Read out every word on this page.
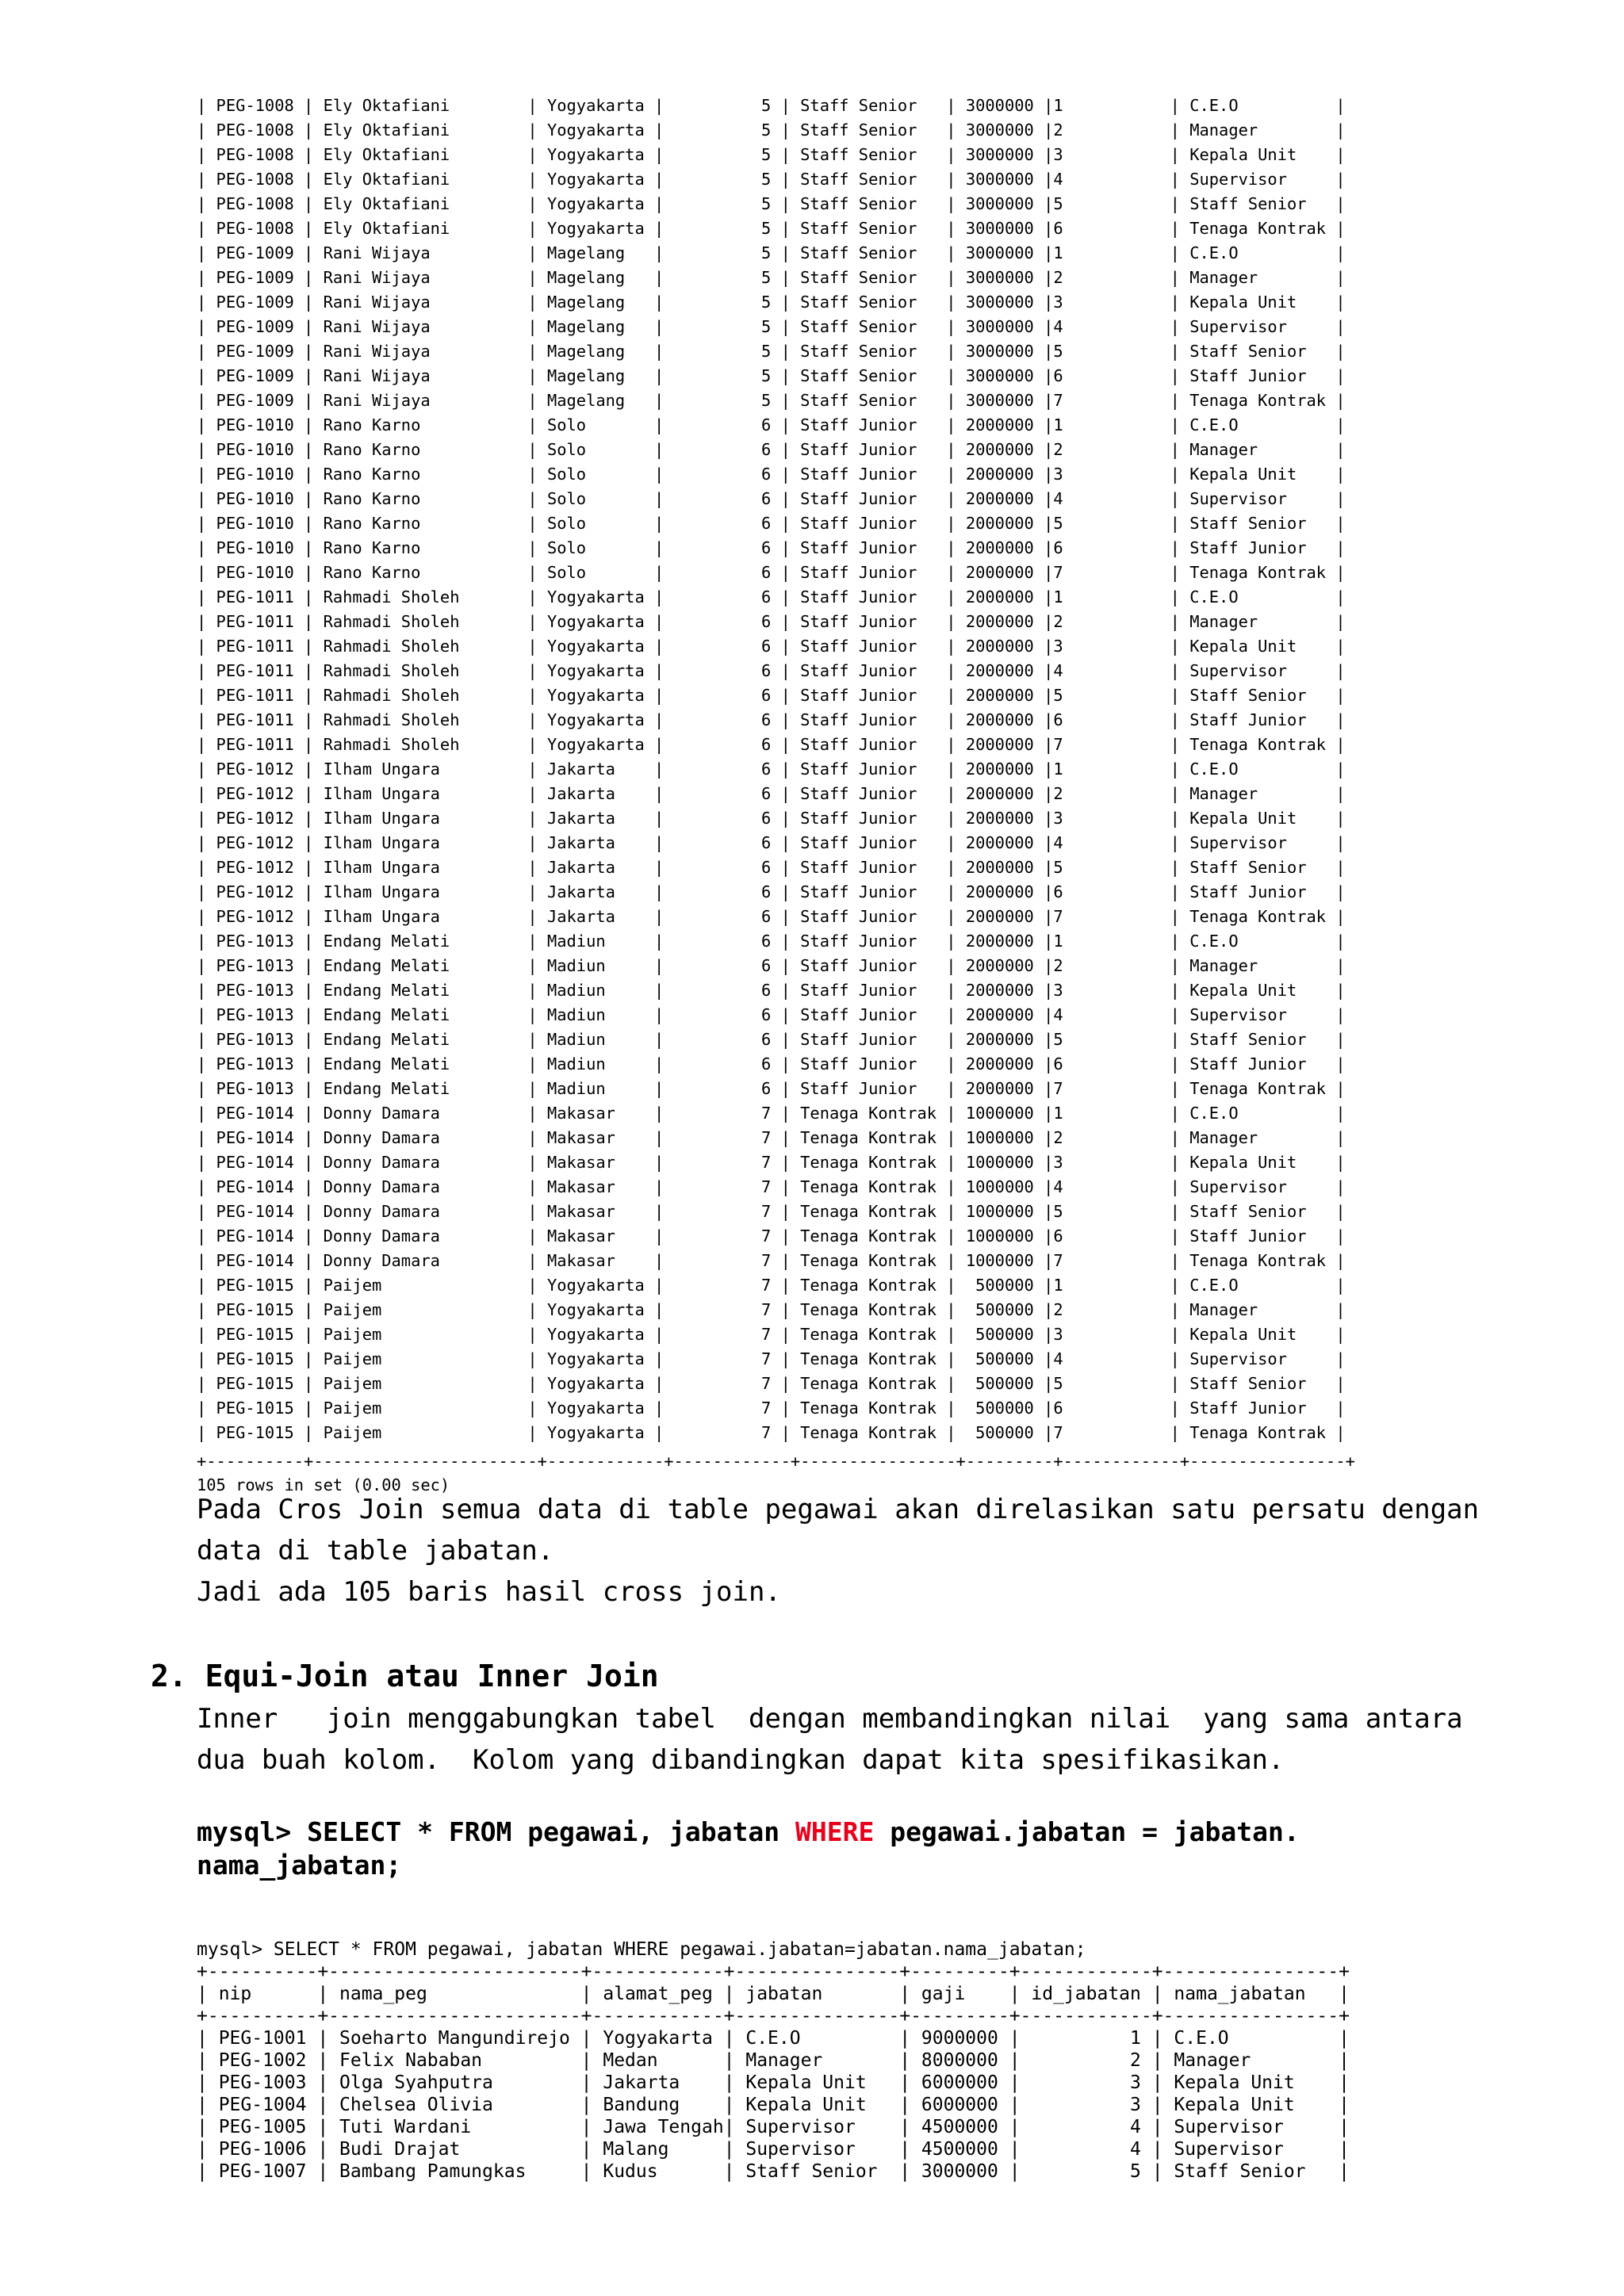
| PEG-1008 | Ely Oktafiani | Yogyakarta |          5 | Staff Senior | 3000000 |1 | C.E.O          |
| PEG-1008 | Ely Oktafiani | Yogyakarta |          5 | Staff Senior | 3000000 |2 | Manager        |
| PEG-1008 | Ely Oktafiani | Yogyakarta |          5 | Staff Senior | 3000000 |3 | Kepala Unit    |
| PEG-1008 | Ely Oktafiani | Yogyakarta |          5 | Staff Senior | 3000000 |4 | Supervisor     |
| PEG-1008 | Ely Oktafiani | Yogyakarta |          5 | Staff Senior | 3000000 |5 | Staff Senior   |
| PEG-1008 | Ely Oktafiani | Yogyakarta |          5 | Staff Senior | 3000000 |6 | Tenaga Kontrak |
| PEG-1009 | Rani Wijaya | Magelang |          5 | Staff Senior | 3000000 |1 | C.E.O          |
| PEG-1009 | Rani Wijaya | Magelang |          5 | Staff Senior | 3000000 |2 | Manager        |
| PEG-1009 | Rani Wijaya | Magelang |          5 | Staff Senior | 3000000 |3 | Kepala Unit    |
| PEG-1009 | Rani Wijaya | Magelang |          5 | Staff Senior | 3000000 |4 | Supervisor     |
| PEG-1009 | Rani Wijaya | Magelang |          5 | Staff Senior | 3000000 |5 | Staff Senior   |
| PEG-1009 | Rani Wijaya | Magelang |          5 | Staff Senior | 3000000 |6 | Staff Junior   |
| PEG-1009 | Rani Wijaya | Magelang |          5 | Staff Senior | 3000000 |7 | Tenaga Kontrak |
| PEG-1010 | Rano Karno | Solo |          6 | Staff Junior | 2000000 |1 | C.E.O          |
| PEG-1010 | Rano Karno | Solo |          6 | Staff Junior | 2000000 |2 | Manager        |
| PEG-1010 | Rano Karno | Solo |          6 | Staff Junior | 2000000 |3 | Kepala Unit    |
| PEG-1010 | Rano Karno | Solo |          6 | Staff Junior | 2000000 |4 | Supervisor     |
| PEG-1010 | Rano Karno | Solo |          6 | Staff Junior | 2000000 |5 | Staff Senior   |
| PEG-1010 | Rano Karno | Solo |          6 | Staff Junior | 2000000 |6 | Staff Junior   |
| PEG-1010 | Rano Karno | Solo |          6 | Staff Junior | 2000000 |7 | Tenaga Kontrak |
| PEG-1011 | Rahmadi Sholeh | Yogyakarta |          6 | Staff Junior | 2000000 |1 | C.E.O          |
| PEG-1011 | Rahmadi Sholeh | Yogyakarta |          6 | Staff Junior | 2000000 |2 | Manager        |
| PEG-1011 | Rahmadi Sholeh | Yogyakarta |          6 | Staff Junior | 2000000 |3 | Kepala Unit    |
| PEG-1011 | Rahmadi Sholeh | Yogyakarta |          6 | Staff Junior | 2000000 |4 | Supervisor     |
| PEG-1011 | Rahmadi Sholeh | Yogyakarta |          6 | Staff Junior | 2000000 |5 | Staff Senior   |
| PEG-1011 | Rahmadi Sholeh | Yogyakarta |          6 | Staff Junior | 2000000 |6 | Staff Junior   |
| PEG-1011 | Rahmadi Sholeh | Yogyakarta |          6 | Staff Junior | 2000000 |7 | Tenaga Kontrak |
| PEG-1012 | Ilham Ungara | Jakarta |          6 | Staff Junior | 2000000 |1 | C.E.O          |
| PEG-1012 | Ilham Ungara | Jakarta |          6 | Staff Junior | 2000000 |2 | Manager        |
| PEG-1012 | Ilham Ungara | Jakarta |          6 | Staff Junior | 2000000 |3 | Kepala Unit    |
| PEG-1012 | Ilham Ungara | Jakarta |          6 | Staff Junior | 2000000 |4 | Supervisor     |
| PEG-1012 | Ilham Ungara | Jakarta |          6 | Staff Junior | 2000000 |5 | Staff Senior   |
| PEG-1012 | Ilham Ungara | Jakarta |          6 | Staff Junior | 2000000 |6 | Staff Junior   |
| PEG-1012 | Ilham Ungara | Jakarta |          6 | Staff Junior | 2000000 |7 | Tenaga Kontrak |
| PEG-1013 | Endang Melati | Madiun |          6 | Staff Junior | 2000000 |1 | C.E.O          |
| PEG-1013 | Endang Melati | Madiun |          6 | Staff Junior | 2000000 |2 | Manager        |
| PEG-1013 | Endang Melati | Madiun |          6 | Staff Junior | 2000000 |3 | Kepala Unit    |
| PEG-1013 | Endang Melati | Madiun |          6 | Staff Junior | 2000000 |4 | Supervisor     |
| PEG-1013 | Endang Melati | Madiun |          6 | Staff Junior | 2000000 |5 | Staff Senior   |
| PEG-1013 | Endang Melati | Madiun |          6 | Staff Junior | 2000000 |6 | Staff Junior   |
| PEG-1013 | Endang Melati | Madiun |          6 | Staff Junior | 2000000 |7 | Tenaga Kontrak |
| PEG-1014 | Donny Damara | Makasar |          7 | Tenaga Kontrak | 1000000 |1 | C.E.O          |
| PEG-1014 | Donny Damara | Makasar |          7 | Tenaga Kontrak | 1000000 |2 | Manager        |
| PEG-1014 | Donny Damara | Makasar |          7 | Tenaga Kontrak | 1000000 |3 | Kepala Unit    |
| PEG-1014 | Donny Damara | Makasar |          7 | Tenaga Kontrak | 1000000 |4 | Supervisor     |
| PEG-1014 | Donny Damara | Makasar |          7 | Tenaga Kontrak | 1000000 |5 | Staff Senior   |
| PEG-1014 | Donny Damara | Makasar |          7 | Tenaga Kontrak | 1000000 |6 | Staff Junior   |
| PEG-1014 | Donny Damara | Makasar |          7 | Tenaga Kontrak | 1000000 |7 | Tenaga Kontrak |
| PEG-1015 | Paijem | Yogyakarta |          7 | Tenaga Kontrak |  500000 |1 | C.E.O          |
| PEG-1015 | Paijem | Yogyakarta |          7 | Tenaga Kontrak |  500000 |2 | Manager        |
| PEG-1015 | Paijem | Yogyakarta |          7 | Tenaga Kontrak |  500000 |3 | Kepala Unit    |
| PEG-1015 | Paijem | Yogyakarta |          7 | Tenaga Kontrak |  500000 |4 | Supervisor     |
| PEG-1015 | Paijem | Yogyakarta |          7 | Tenaga Kontrak |  500000 |5 | Staff Senior   |
| PEG-1015 | Paijem | Yogyakarta |          7 | Tenaga Kontrak |  500000 |6 | Staff Junior   |
| PEG-1015 | Paijem | Yogyakarta |          7 | Tenaga Kontrak |  500000 |7 | Tenaga Kontrak |
+----------+-----------------------+------------+------------+----------------+---------+------------+----------------+
105 rows in set (0.00 sec)
Pada Cros Join semua data di table pegawai akan direlasikan satu persatu dengan
data di table jabatan.
Jadi ada 105 baris hasil cross join.
2. Equi-Join atau Inner Join
Inner   join menggabungkan tabel  dengan membandingkan nilai  yang sama antara
dua buah kolom.  Kolom yang dibandingkan dapat kita spesifikasikan.
mysql> SELECT * FROM pegawai, jabatan WHERE pegawai.jabatan = jabatan.
nama_jabatan;
mysql> SELECT * FROM pegawai, jabatan WHERE pegawai.jabatan=jabatan.nama_jabatan;
+----------+-----------------------+------------+---------------+---------+------------+----------------+
| nip      | nama_peg              | alamat_peg | jabatan       | gaji    | id_jabatan | nama_jabatan   |
+----------+-----------------------+------------+---------------+---------+------------+----------------+
| PEG-1001 | Soeharto Mangundirejo | Yogyakarta | C.E.O         | 9000000 |          1 | C.E.O          |
| PEG-1002 | Felix Nababan         | Medan      | Manager       | 8000000 |          2 | Manager        |
| PEG-1003 | Olga Syahputra        | Jakarta    | Kepala Unit   | 6000000 |          3 | Kepala Unit    |
| PEG-1004 | Chelsea Olivia        | Bandung    | Kepala Unit   | 6000000 |          3 | Kepala Unit    |
| PEG-1005 | Tuti Wardani          | Jawa Tengah| Supervisor    | 4500000 |          4 | Supervisor     |
| PEG-1006 | Budi Drajat           | Malang     | Supervisor    | 4500000 |          4 | Supervisor     |
| PEG-1007 | Bambang Pamungkas     | Kudus      | Staff Senior  | 3000000 |          5 | Staff Senior   |
